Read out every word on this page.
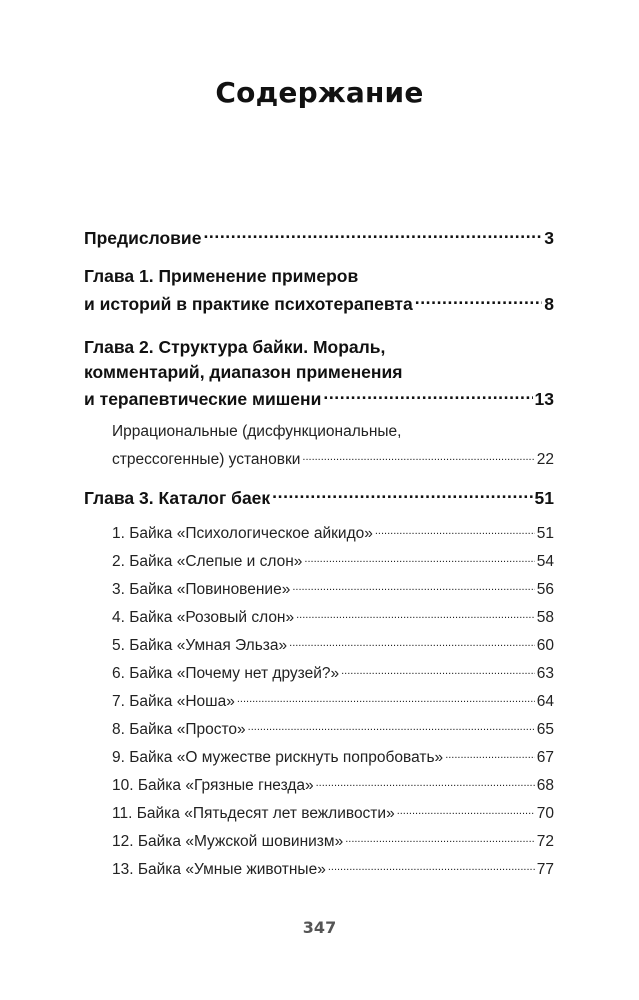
Содержание
Предисловие .....	3
Глава 1. Применение примеров
и историй в практике психотерапевта .....	8
Глава 2. Структура байки. Мораль,
комментарий, диапазон применения
и терапевтические мишени .....	13
Иррациональные (дисфункциональные,
стрессогенные) установки .....	22
Глава 3. Каталог баек .....	51
1. Байка «Психологическое айкидо» .....	51
2. Байка «Слепые и слон» .....	54
3. Байка «Повиновение» .....	56
4. Байка «Розовый слон» .....	58
5. Байка «Умная Эльза» .....	60
6. Байка «Почему нет друзей?» .....	63
7. Байка «Ноша» .....	64
8. Байка «Просто» .....	65
9. Байка «О мужестве рискнуть попробовать» .....	67
10. Байка «Грязные гнезда» .....	68
11. Байка «Пятьдесят лет вежливости» .....	70
12. Байка «Мужской шовинизм» .....	72
13. Байка «Умные животные» .....	77
347
